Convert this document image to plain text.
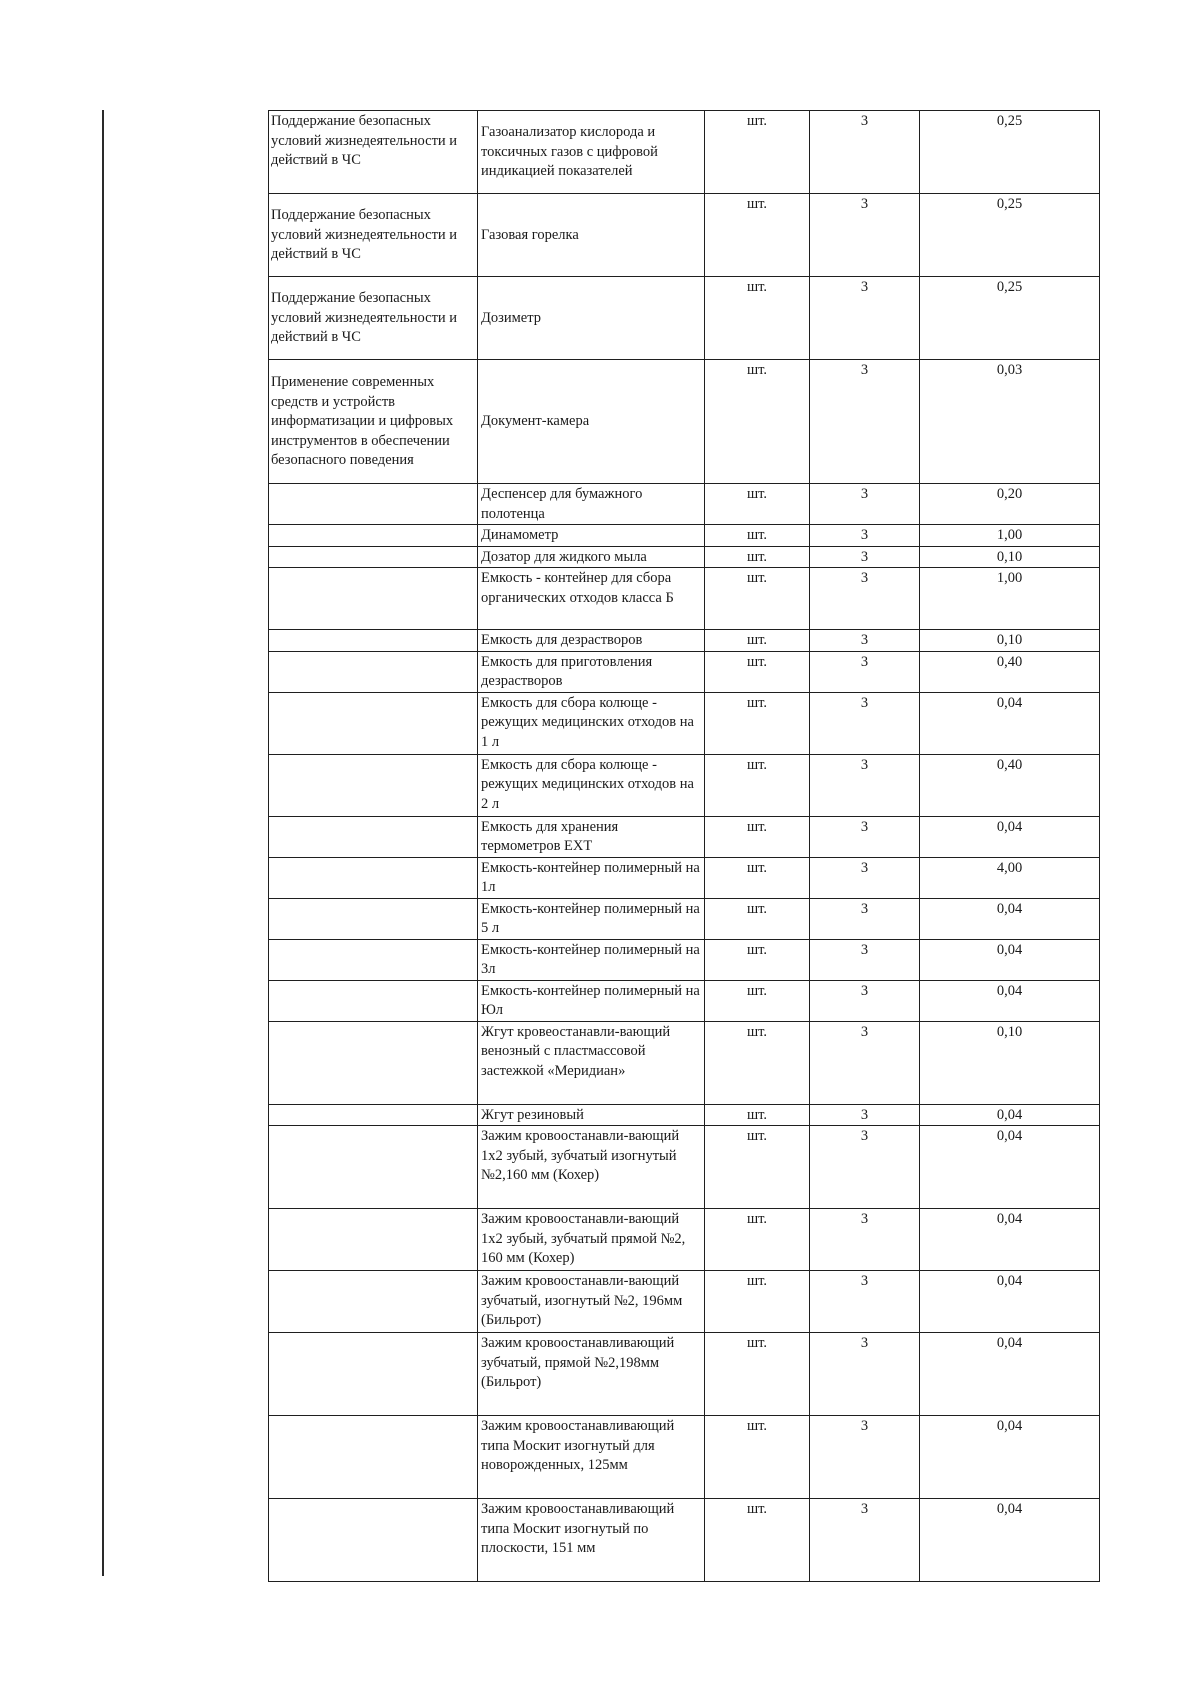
Поддержание безопасных условий жизнедеятельности и действий в ЧС	Газоанализатор кислорода и токсичных газов с цифровой индикацией показателей	шт.	3	0,25
Поддержание безопасных условий жизнедеятельности и действий в ЧС	Газовая горелка	шт.	3	0,25
Поддержание безопасных условий жизнедеятельности и действий в ЧС	Дозиметр	шт.	3	0,25
Применение современных средств и устройств информатизации и цифровых инструментов в обеспечении безопасного поведения	Документ-камера	шт.	3	0,03
	Деспенсер для бумажного полотенца	шт.	3	0,20
	Динамометр	шт.	3	1,00
	Дозатор для жидкого мыла	шт.	3	0,10
	Емкость - контейнер для сбора органических отходов класса Б	шт.	3	1,00
	Емкость для дезрастворов	шт.	3	0,10
	Емкость для приготовления дезрастворов	шт.	3	0,40
	Емкость для сбора колюще - режущих медицинских отходов на 1 л	шт.	3	0,04
	Емкость для сбора колюще - режущих медицинских отходов на 2 л	шт.	3	0,40
	Емкость для хранения термометров ЕХТ	шт.	3	0,04
	Емкость-контейнер полимерный на 1л	шт.	3	4,00
	Емкость-контейнер полимерный на 5 л	шт.	3	0,04
	Емкость-контейнер полимерный на 3л	шт.	3	0,04
	Емкость-контейнер полимерный на Юл	шт.	3	0,04
	Жгут кровеостанавли-вающий венозный с пластмассовой застежкой «Меридиан»	шт.	3	0,10
	Жгут резиновый	шт.	3	0,04
	Зажим кровоостанавли-вающий 1х2 зубый, зубчатый изогнутый №2,160 мм (Кохер)	шт.	3	0,04
	Зажим кровоостанавли-вающий 1х2 зубый, зубчатый прямой №2, 160 мм (Кохер)	шт.	3	0,04
	Зажим кровоостанавли-вающий зубчатый, изогнутый №2, 196мм (Бильрот)	шт.	3	0,04
	Зажим кровоостанавливающий зубчатый, прямой №2,198мм (Бильрот)	шт.	3	0,04
	Зажим кровоостанавливающий типа Москит изогнутый для новорожденных, 125мм	шт.	3	0,04
	Зажим кровоостанавливающий типа Москит изогнутый по плоскости, 151 мм	шт.	3	0,04
